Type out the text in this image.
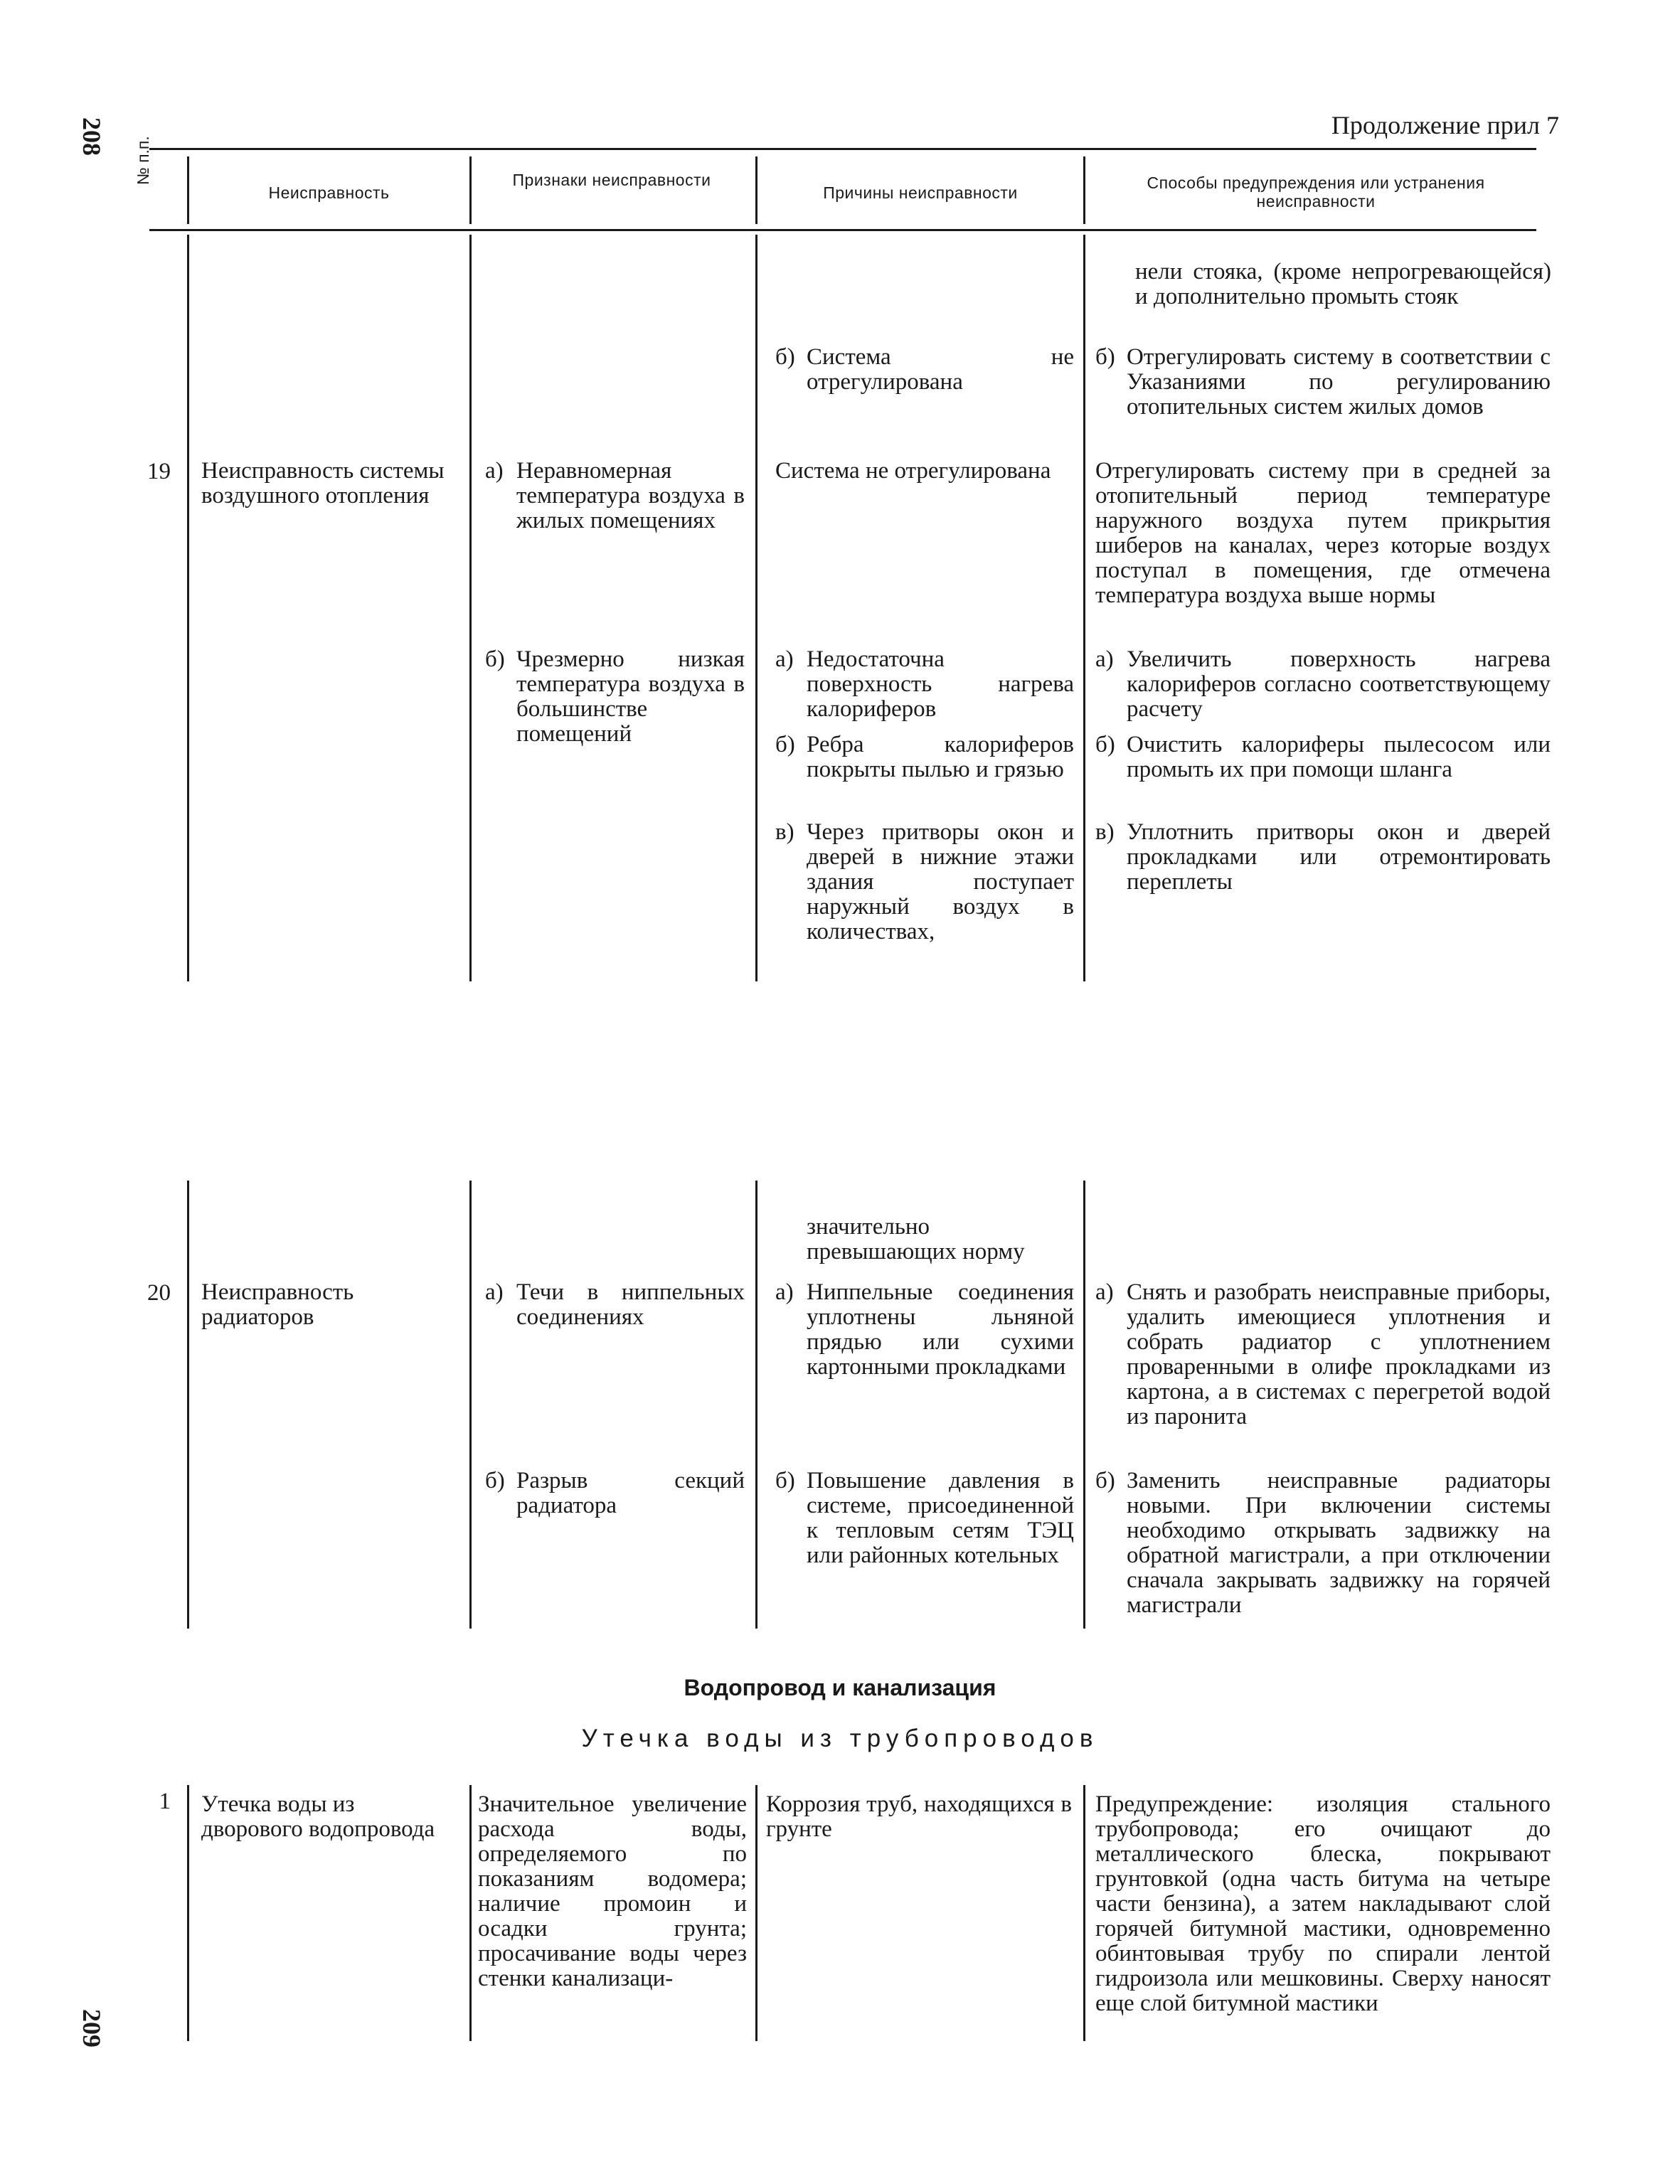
208
209
Продолжение прил 7
№ п.п.
Неисправность
Признаки неисправности
Причины неисправности
Способы предупреждения или устранения неисправности
нели стояка, (кроме непрогревающейся) и дополнительно промыть стояк
б) Система не отрегулирована
б) Отрегулировать систему в соответствии с Указаниями по регулированию отопительных систем жилых домов
19 Неисправность системы воздушного отопления
а) Неравномерная температура воздуха в жилых помещениях
Система не отрегулирована	Отрегулировать систему при в средней за отопительный период температуре наружного воздуха путем прикрытия шиберов на каналах, через которые воздух поступал в помещения, где отмечена температура воздуха выше нормы
б) Чрезмерно низкая температура воздуха в большинстве помещений
а) Недостаточна поверхность нагрева калориферов
а) Увеличить поверхность нагрева калориферов согласно соответствующему расчету
б) Ребра калориферов покрыты пылью и грязью
б) Очистить калориферы пылесосом или промыть их при помощи шланга
в) Через притворы окон и дверей в нижние этажи здания поступает наружный воздух в количествах,
в) Уплотнить притворы окон и дверей прокладками или отремонтировать переплеты
значительно превышающих норму
20 Неисправность радиаторов
а) Течи в ниппельных соединениях
а) Ниппельные соединения уплотнены льняной прядью или сухими картонными прокладками
а) Снять и разобрать неисправные приборы, удалить имеющиеся уплотнения и собрать радиатор с уплотнением проваренными в олифе прокладками из картона, а в системах с перегретой водой из паронита
б) Разрыв секций радиатора
б) Повышение давления в системе, присоединенной к тепловым сетям ТЭЦ или районных котельных
б) Заменить неисправные радиаторы новыми. При включении системы необходимо открывать задвижку на обратной магистрали, а при отключении сначала закрывать задвижку на горячей магистрали
Водопровод и канализация
Утечка воды из трубопроводов
1 Утечка воды из дворового водопровода
Значительное увеличение расхода воды, определяемого по показаниям водомера; наличие промоин и осадки грунта; просачивание воды через стенки канализаци-
Коррозия труб, находящихся в грунте
Предупреждение: изоляция стального трубопровода; его очищают до металлического блеска, покрывают грунтовкой (одна часть битума на четыре части бензина), а затем накладывают слой горячей битумной мастики, одновременно обинтовывая трубу по спирали лентой гидроизола или мешковины. Сверху наносят еще слой битумной мастики
